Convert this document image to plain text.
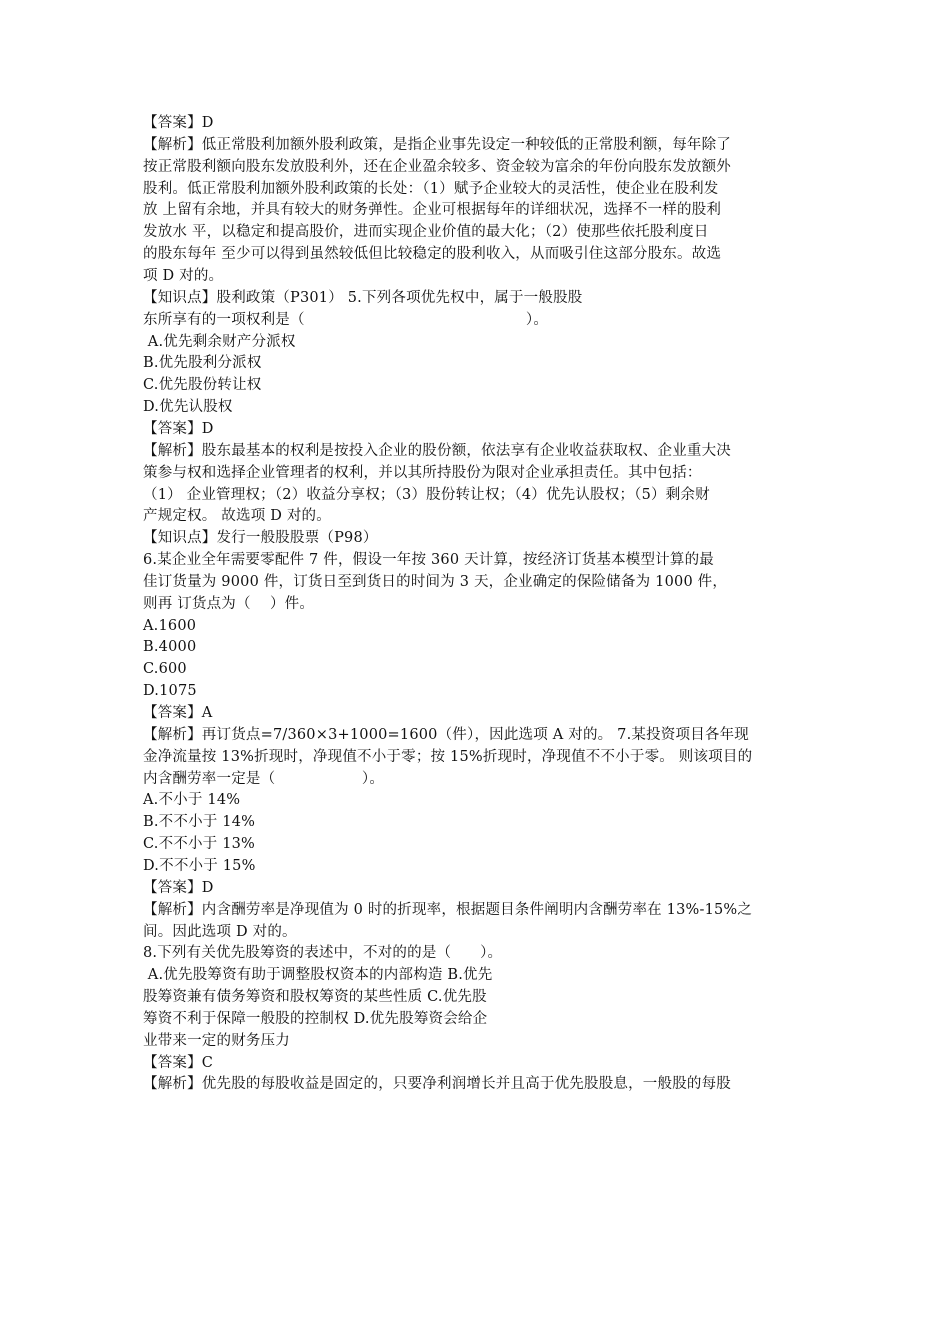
【答案】D
【解析】低正常股利加额外股利政策，是指企业事先设定一种较低的正常股利额，每年除了
按正常股利额向股东发放股利外，还在企业盈余较多、资金较为富余的年份向股东发放额外
股利。低正常股利加额外股利政策的长处：（1）赋予企业较大的灵活性，使企业在股利发
放 上留有余地，并具有较大的财务弹性。企业可根据每年的详细状况，选择不一样的股利
发放水 平，以稳定和提高股价，进而实现企业价值的最大化；（2）使那些依托股利度日
的股东每年 至少可以得到虽然较低但比较稳定的股利收入，从而吸引住这部分股东。故选
项 D 对的。
【知识点】股利政策（P301） 5.下列各项优先权中，属于一般股股
东所享有的一项权利是（                                              ）。
A.优先剩余财产分派权
B.优先股利分派权
C.优先股份转让权
D.优先认股权
【答案】D
【解析】股东最基本的权利是按投入企业的股份额，依法享有企业收益获取权、企业重大决
策参与权和选择企业管理者的权利，并以其所持股份为限对企业承担责任。其中包括：
（1） 企业管理权；（2）收益分享权；（3）股份转让权；（4）优先认股权；（5）剩余财
产规定权。 故选项 D 对的。
【知识点】发行一般股股票（P98）
6.某企业全年需要零配件 7 件，假设一年按 360 天计算，按经济订货基本模型计算的最
佳订货量为 9000 件，订货日至到货日的时间为 3 天，企业确定的保险储备为 1000 件，
则再 订货点为（    ）件。
A.1600
B.4000
C.600
D.1075
【答案】A
【解析】再订货点=7/360×3+1000=1600（件），因此选项 A 对的。 7.某投资项目各年现
金净流量按 13%折现时，净现值不小于零；按 15%折现时，净现值不不小于零。 则该项目的
内含酬劳率一定是（                  ）。
A.不小于 14%
B.不不小于 14%
C.不不小于 13%
D.不不小于 15%
【答案】D
【解析】内含酬劳率是净现值为 0 时的折现率，根据题目条件阐明内含酬劳率在 13%-15%之
间。因此选项 D 对的。
8.下列有关优先股筹资的表述中，不对的的是（      ）。
A.优先股筹资有助于调整股权资本的内部构造 B.优先
股筹资兼有债务筹资和股权筹资的某些性质 C.优先股
筹资不利于保障一般股的控制权 D.优先股筹资会给企
业带来一定的财务压力
【答案】C
【解析】优先股的每股收益是固定的，只要净利润增长并且高于优先股股息，一般股的每股
